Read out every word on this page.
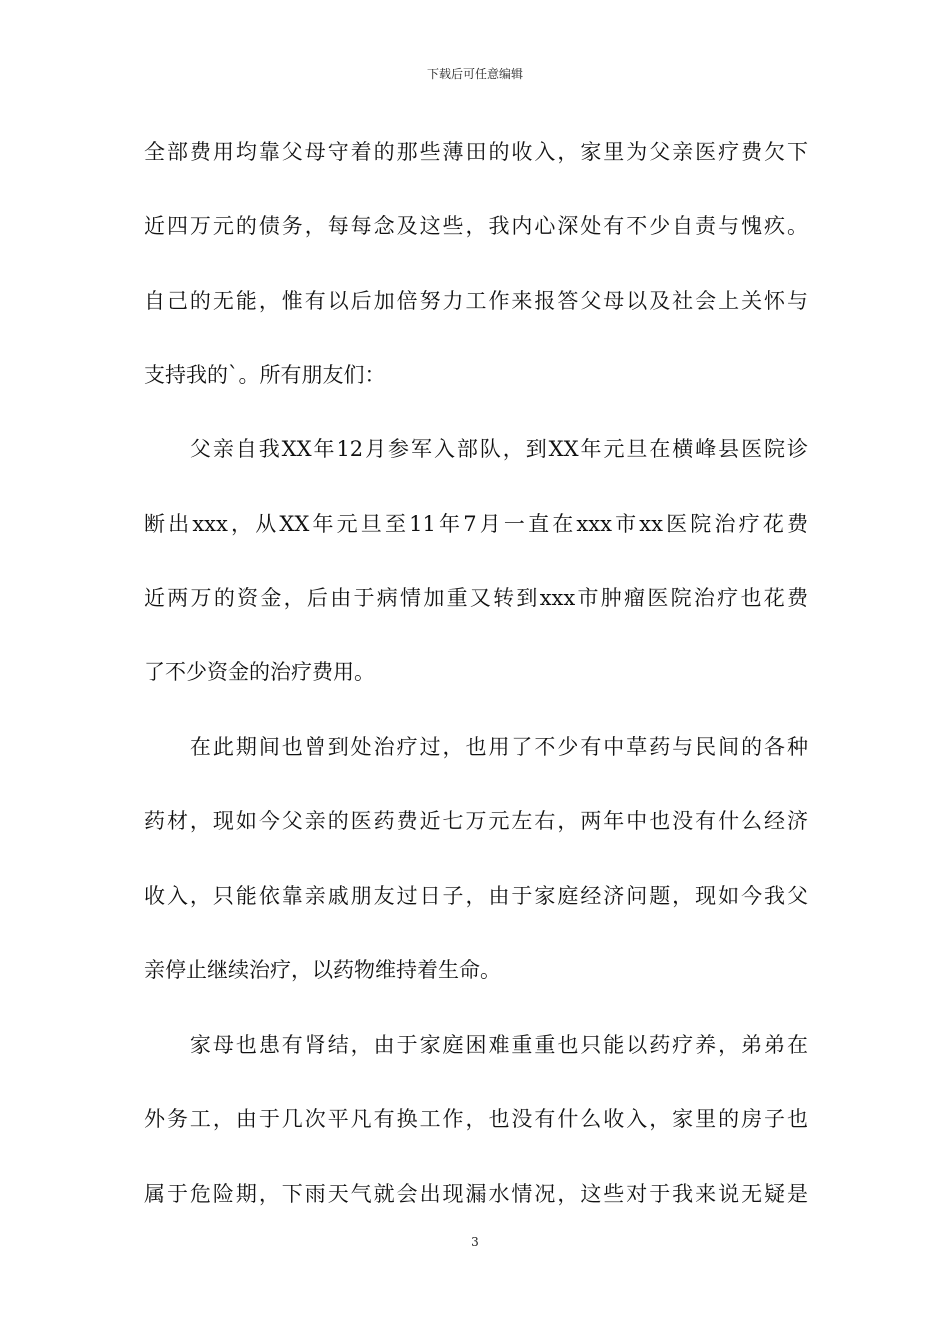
下载后可任意编辑
全部费用均靠父母守着的那些薄田的收入，家里为父亲医疗费欠下
近四万元的债务，每每念及这些，我内心深处有不少自责与愧疚。
自己的无能，惟有以后加倍努力工作来报答父母以及社会上关怀与
支持我的`。所有朋友们：
　　父亲自我XX年12月参军入部队，到XX年元旦在横峰县医院诊
断出xxx，从XX年元旦至11年7月一直在xxx市xx医院治疗花费
近两万的资金，后由于病情加重又转到xxx市肿瘤医院治疗也花费
了不少资金的治疗费用。
　　在此期间也曾到处治疗过，也用了不少有中草药与民间的各种
药材，现如今父亲的医药费近七万元左右，两年中也没有什么经济
收入，只能依靠亲戚朋友过日子，由于家庭经济问题，现如今我父
亲停止继续治疗，以药物维持着生命。
　　家母也患有肾结，由于家庭困难重重也只能以药疗养，弟弟在
外务工，由于几次平凡有换工作，也没有什么收入，家里的房子也
属于危险期，下雨天气就会出现漏水情况，这些对于我来说无疑是
3
